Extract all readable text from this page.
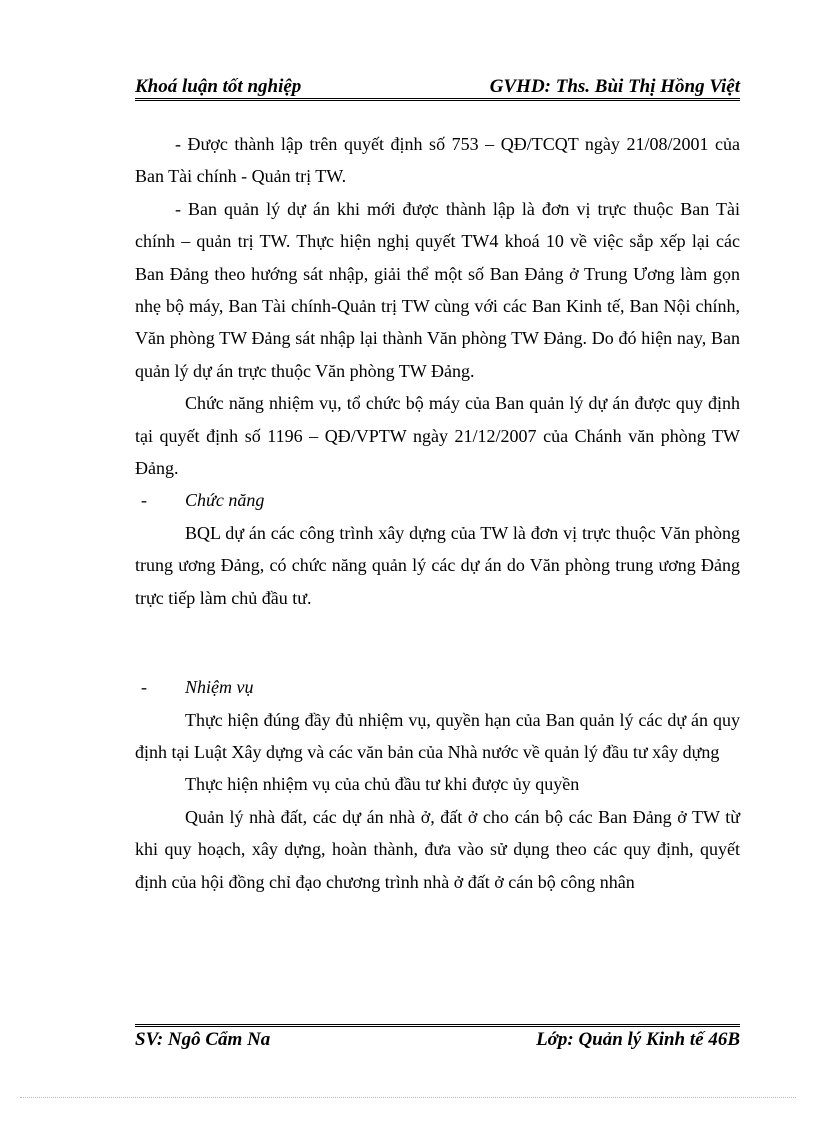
Khoá luận tốt nghiệp	GVHD: Ths. Bùi Thị Hồng Việt

- Được thành lập trên quyết định số 753 – QĐ/TCQT ngày 21/08/2001 của Ban Tài chính - Quản trị TW.

- Ban quản lý dự án khi mới được thành lập là đơn vị trực thuộc Ban Tài chính – quản trị TW. Thực hiện nghị quyết TW4 khoá 10 về việc sắp xếp lại các Ban Đảng theo hướng sát nhập, giải thể một số Ban Đảng ở Trung Ương làm gọn nhẹ bộ máy, Ban Tài chính-Quản trị TW cùng với các Ban Kinh tế, Ban Nội chính, Văn phòng TW Đảng sát nhập lại thành Văn phòng TW Đảng. Do đó hiện nay, Ban quản lý dự án trực thuộc Văn phòng TW Đảng.

Chức năng nhiệm vụ, tổ chức bộ máy của Ban quản lý dự án được quy định tại quyết định số 1196 – QĐ/VPTW ngày 21/12/2007 của Chánh văn phòng TW Đảng.

-	Chức năng

BQL dự án các công trình xây dựng của TW là đơn vị trực thuộc Văn phòng trung ương Đảng, có chức năng quản lý các dự án do Văn phòng trung ương Đảng trực tiếp làm chủ đầu tư.

-	Nhiệm vụ

Thực hiện đúng đầy đủ nhiệm vụ, quyền hạn của Ban quản lý các dự án quy định tại Luật Xây dựng và các văn bản của Nhà nước về quản lý đầu tư xây dựng

Thực hiện nhiệm vụ của chủ đầu tư khi được ủy quyền

Quản lý nhà đất, các dự án nhà ở, đất ở cho cán bộ các Ban Đảng ở TW từ khi quy hoạch, xây dựng, hoàn thành, đưa vào sử dụng theo các quy định, quyết định của hội đồng chỉ đạo chương trình nhà ở đất ở cán bộ công nhân

SV: Ngô Cẩm Na	Lớp: Quản lý Kinh tế 46B
